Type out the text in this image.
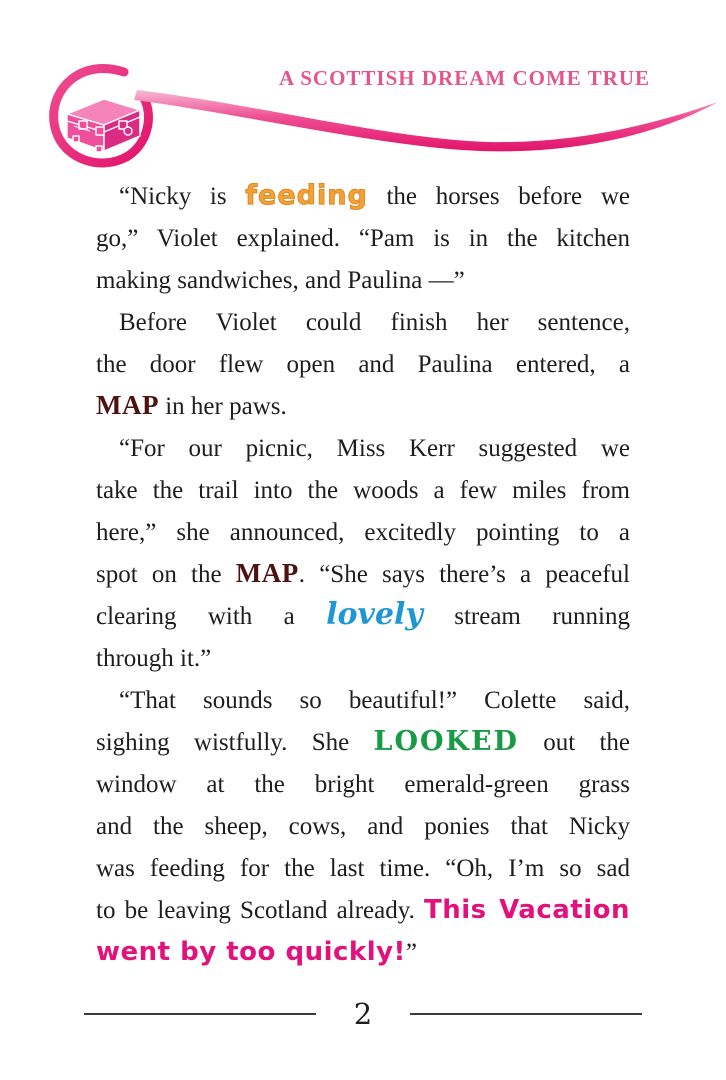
A SCOTTISH DREAM COME TRUE
“Nicky is feeding the horses before we
go,” Violet explained. “Pam is in the kitchen
making sandwiches, and Paulina —”
Before Violet could finish her sentence,
the door flew open and Paulina entered, a
MAP in her paws.
“For our picnic, Miss Kerr suggested we
take the trail into the woods a few miles from
here,” she announced, excitedly pointing to a
spot on the MAP. “She says there’s a peaceful
clearing with a lovely stream running
through it.”
“That sounds so beautiful!” Colette said,
sighing wistfully. She LOOKED out the
window at the bright emerald-green grass
and the sheep, cows, and ponies that Nicky
was feeding for the last time. “Oh, I’m so sad
to be leaving Scotland already. This Vacation
went by too quickly!”
2
